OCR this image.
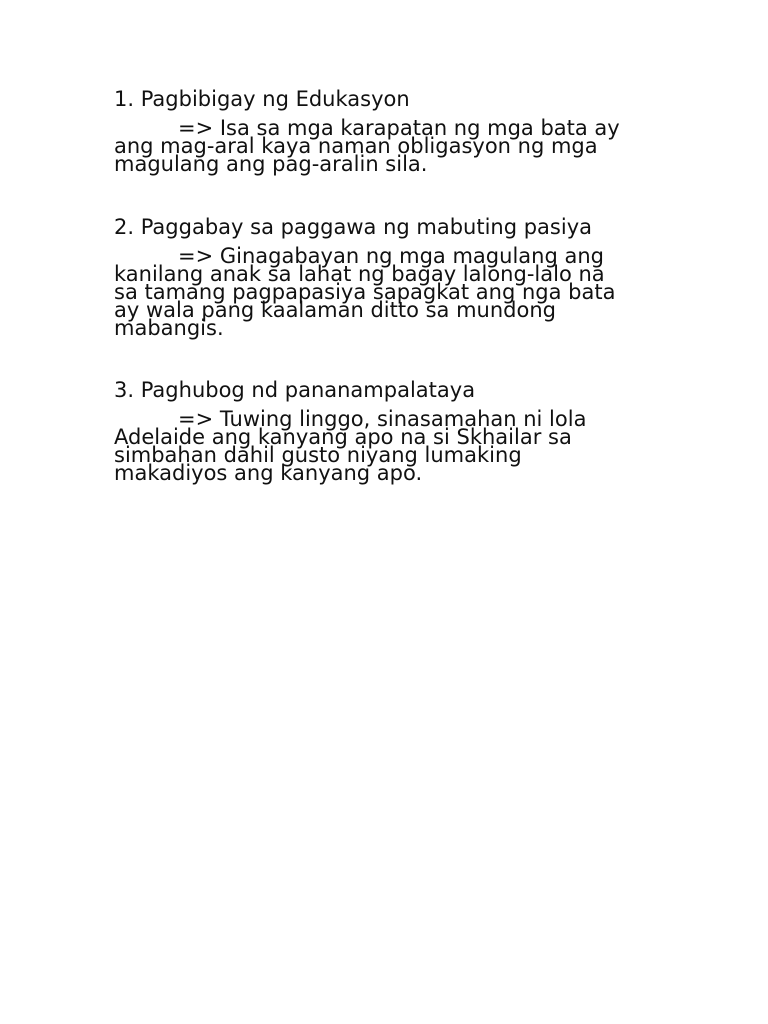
1. Pagbibigay ng Edukasyon

=> Isa sa mga karapatan ng mga bata ay
ang mag-aral kaya naman obligasyon ng mga
magulang ang pag-aralin sila.

2. Paggabay sa paggawa ng mabuting pasiya

=> Ginagabayan ng mga magulang ang
kanilang anak sa lahat ng bagay lalong-lalo na
sa tamang pagpapasiya sapagkat ang nga bata
ay wala pang kaalaman ditto sa mundong
mabangis.

3. Paghubog nd pananampalataya

=> Tuwing linggo, sinasamahan ni lola
Adelaide ang kanyang apo na si Skhailar sa
simbahan dahil gusto niyang lumaking
makadiyos ang kanyang apo.
